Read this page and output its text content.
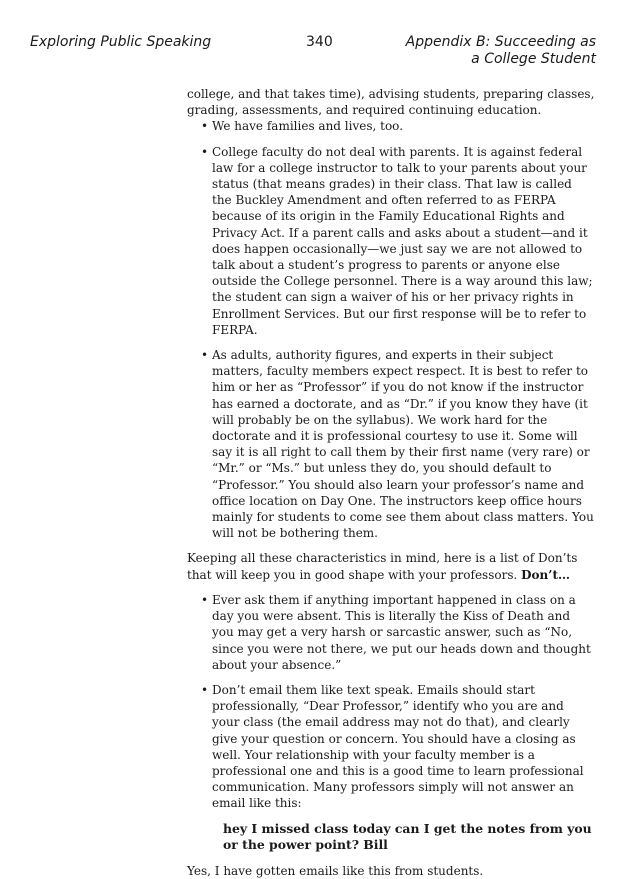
Exploring Public Speaking	340	Appendix B: Succeeding as a College Student

college, and that takes time), advising students, preparing classes, grading, assessments, and required continuing education.

• We have families and lives, too.
• College faculty do not deal with parents. It is against federal law for a college instructor to talk to your parents about your status (that means grades) in their class. That law is called the Buckley Amendment and often referred to as FERPA because of its origin in the Family Educational Rights and Privacy Act. If a parent calls and asks about a student—and it does happen occasionally—we just say we are not allowed to talk about a student’s progress to parents or anyone else outside the College personnel. There is a way around this law; the student can sign a waiver of his or her privacy rights in Enrollment Services. But our first response will be to refer to FERPA.
• As adults, authority figures, and experts in their subject matters, faculty members expect respect. It is best to refer to him or her as “Professor” if you do not know if the instructor has earned a doctorate, and as “Dr.” if you know they have (it will probably be on the syllabus). We work hard for the doctorate and it is professional courtesy to use it. Some will say it is all right to call them by their first name (very rare) or “Mr.” or “Ms.” but unless they do, you should default to “Professor.” You should also learn your professor’s name and office location on Day One. The instructors keep office hours mainly for students to come see them about class matters. You will not be bothering them.

Keeping all these characteristics in mind, here is a list of Don’ts that will keep you in good shape with your professors. Don’t…

• Ever ask them if anything important happened in class on a day you were absent. This is literally the Kiss of Death and you may get a very harsh or sarcastic answer, such as “No, since you were not there, we put our heads down and thought about your absence.”
• Don’t email them like text speak. Emails should start professionally, “Dear Professor,” identify who you are and your class (the email address may not do that), and clearly give your question or concern. You should have a closing as well. Your relationship with your faculty member is a professional one and this is a good time to learn professional communication. Many professors simply will not answer an email like this:

hey I missed class today can I get the notes from you or the power point? Bill

Yes, I have gotten emails like this from students.
